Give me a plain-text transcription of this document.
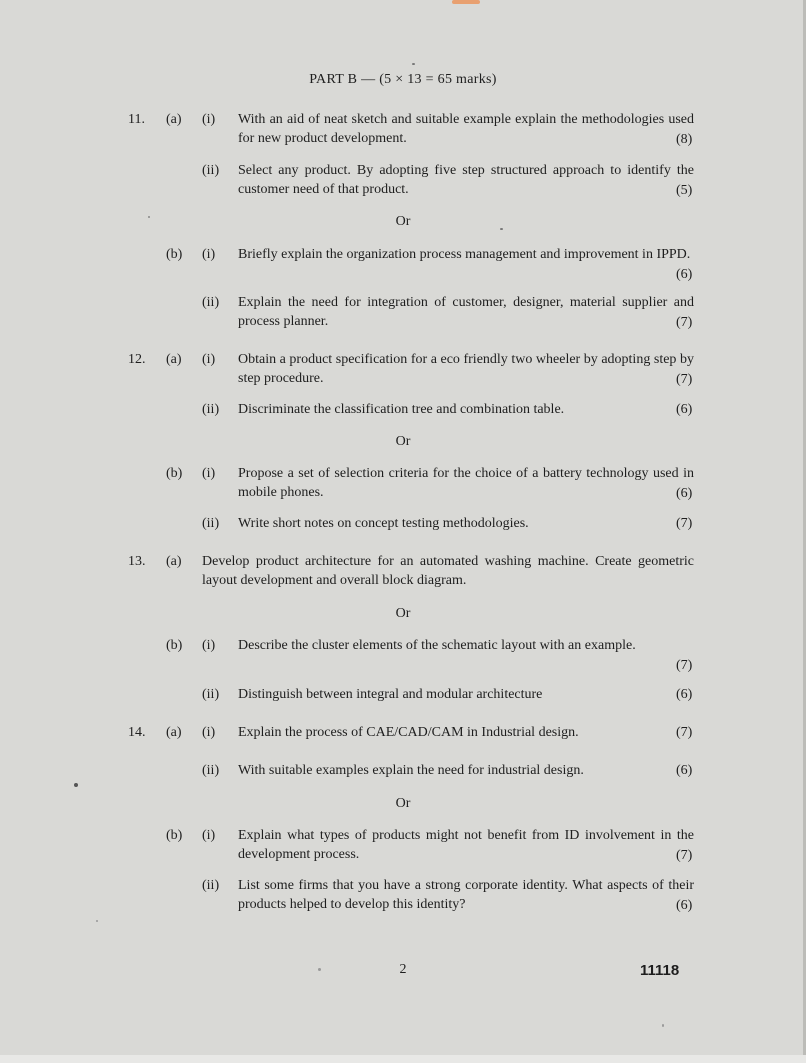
PART B — (5 × 13 = 65 marks)
11. (a) (i) With an aid of neat sketch and suitable example explain the methodologies used for new product development.	(8)
(ii) Select any product. By adopting five step structured approach to identify the customer need of that product.	(5)
Or
(b) (i) Briefly explain the organization process management and improvement in IPPD.
(6)
(ii) Explain the need for integration of customer, designer, material supplier and process planner.	(7)
12. (a) (i) Obtain a product specification for a eco friendly two wheeler by adopting step by step procedure.	(7)
(ii) Discriminate the classification tree and combination table.	(6)
Or
(b) (i) Propose a set of selection criteria for the choice of a battery technology used in mobile phones.	(6)
(ii) Write short notes on concept testing methodologies.	(7)
13. (a) Develop product architecture for an automated washing machine. Create geometric layout development and overall block diagram.
Or
(b) (i) Describe the cluster elements of the schematic layout with an example.
(7)
(ii) Distinguish between integral and modular architecture	(6)
14. (a) (i) Explain the process of CAE/CAD/CAM in Industrial design.	(7)
(ii) With suitable examples explain the need for industrial design.	(6)
Or
(b) (i) Explain what types of products might not benefit from ID involvement in the development process.	(7)
(ii) List some firms that you have a strong corporate identity. What aspects of their products helped to develop this identity?	(6)
2	11118
